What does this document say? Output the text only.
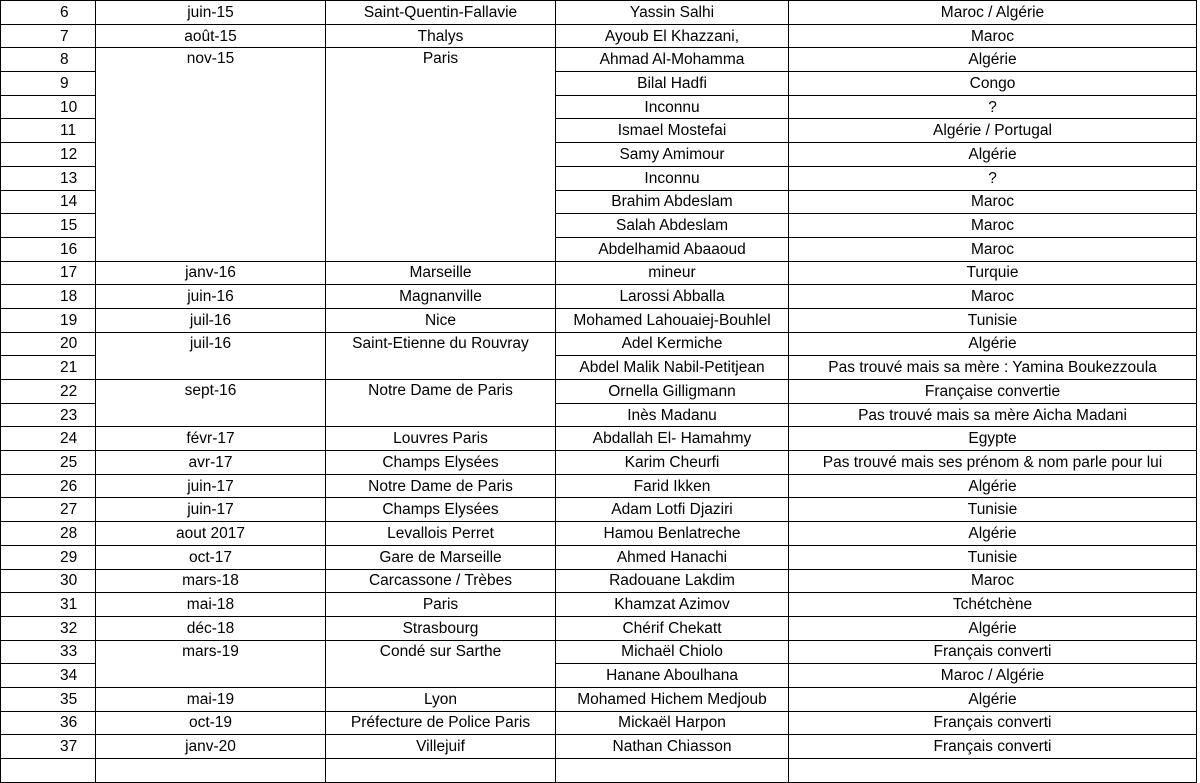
6	juin-15	Saint-Quentin-Fallavie	Yassin Salhi	Maroc / Algérie
7	août-15	Thalys	Ayoub El Khazzani,	Maroc
8	nov-15	Paris	Ahmad Al-Mohamma	Algérie
9			Bilal Hadfi	Congo
10			Inconnu	?
11			Ismael Mostefai	Algérie / Portugal
12			Samy Amimour	Algérie
13			Inconnu	?
14			Brahim Abdeslam	Maroc
15			Salah Abdeslam	Maroc
16			Abdelhamid Abaaoud	Maroc
17	janv-16	Marseille	mineur	Turquie
18	juin-16	Magnanville	Larossi Abballa	Maroc
19	juil-16	Nice	Mohamed Lahouaiej-Bouhlel	Tunisie
20	juil-16	Saint-Etienne du Rouvray	Adel Kermiche	Algérie
21			Abdel Malik Nabil-Petitjean	Pas trouvé mais sa mère : Yamina Boukezzoula
22	sept-16	Notre Dame de Paris	Ornella Gilligmann	Française convertie
23			Inès Madanu	Pas trouvé mais sa mère Aicha Madani
24	févr-17	Louvres Paris	Abdallah El- Hamahmy	Egypte
25	avr-17	Champs Elysées	Karim Cheurfi	Pas trouvé mais ses prénom & nom parle pour lui
26	juin-17	Notre Dame de Paris	Farid Ikken	Algérie
27	juin-17	Champs Elysées	Adam Lotfi Djaziri	Tunisie
28	aout 2017	Levallois Perret	Hamou Benlatreche	Algérie
29	oct-17	Gare de Marseille	Ahmed Hanachi	Tunisie
30	mars-18	Carcassone / Trèbes	Radouane Lakdim	Maroc
31	mai-18	Paris	Khamzat Azimov	Tchétchène
32	déc-18	Strasbourg	Chérif Chekatt	Algérie
33	mars-19	Condé sur Sarthe	Michaël Chiolo	Français converti
34			Hanane Aboulhana	Maroc / Algérie
35	mai-19	Lyon	Mohamed Hichem Medjoub	Algérie
36	oct-19	Préfecture de Police Paris	Mickaël Harpon	Français converti
37	janv-20	Villejuif	Nathan Chiasson	Français converti
